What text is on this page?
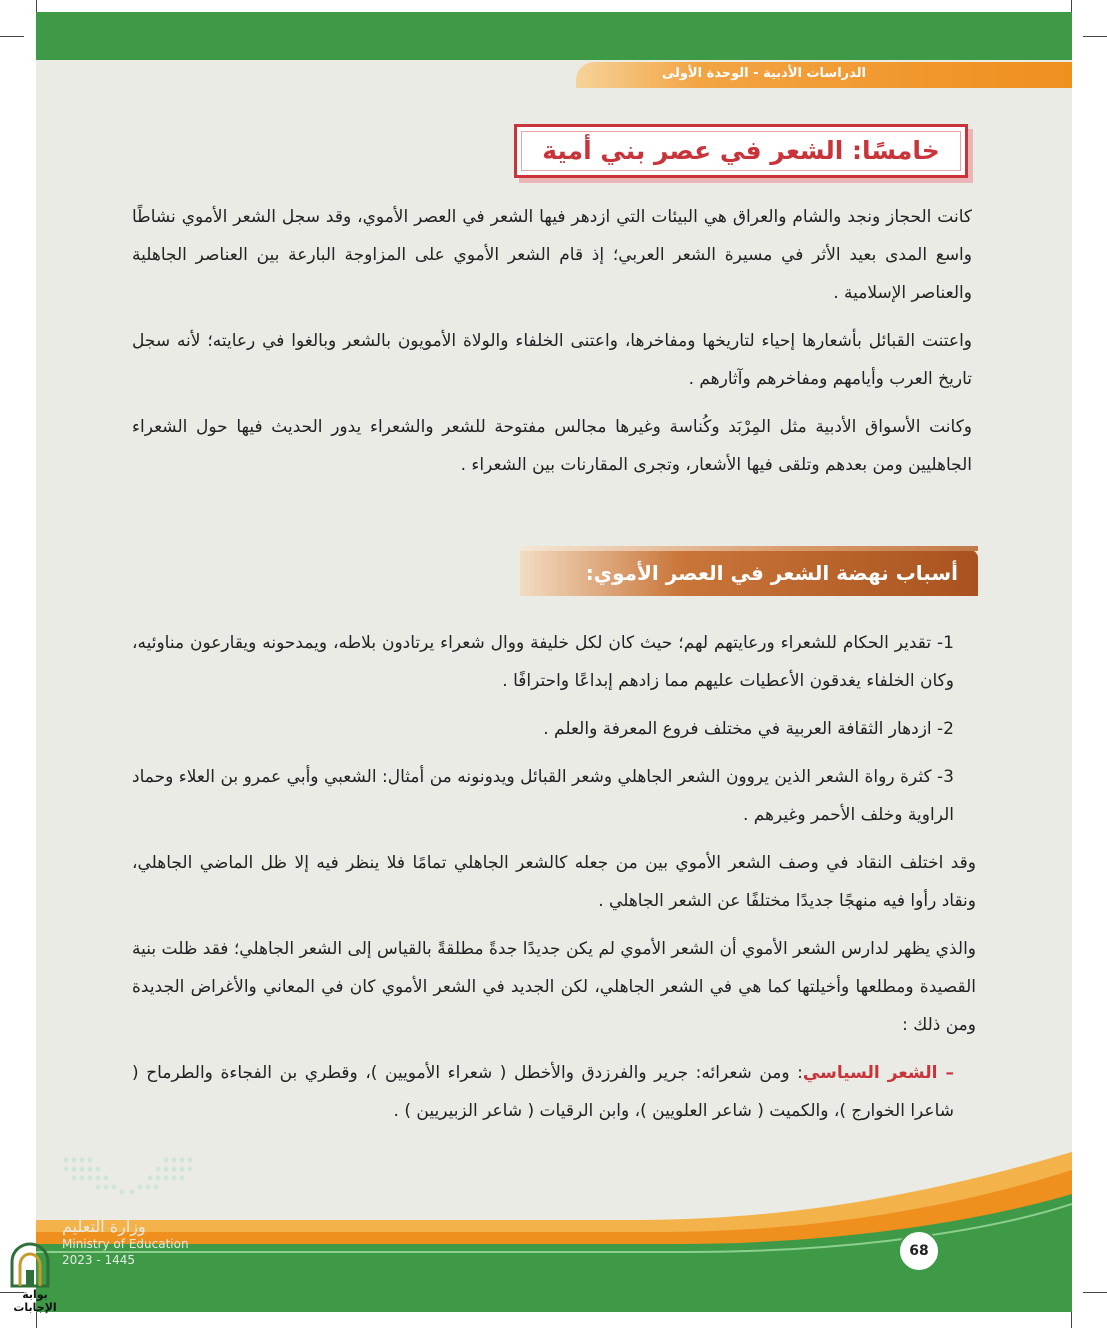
الدراسات الأدبية - الوحدة الأولى
خامسًا: الشعر في عصر بني أمية

كانت الحجاز ونجد والشام والعراق هي البيئات التي ازدهر فيها الشعر في العصر الأموي، وقد سجل الشعر الأموي نشاطًا واسع المدى بعيد الأثر في مسيرة الشعر العربي؛ إذ قام الشعر الأموي على المزاوجة البارعة بين العناصر الجاهلية والعناصر الإسلامية .

واعتنت القبائل بأشعارها إحياء لتاريخها ومفاخرها، واعتنى الخلفاء والولاة الأمويون بالشعر وبالغوا في رعايته؛ لأنه سجل تاريخ العرب وأيامهم ومفاخرهم وآثارهم .

وكانت الأسواق الأدبية مثل المِرْبَد وكُناسة وغيرها مجالس مفتوحة للشعر والشعراء يدور الحديث فيها حول الشعراء الجاهليين ومن بعدهم وتلقى فيها الأشعار، وتجرى المقارنات بين الشعراء .

أسباب نهضة الشعر في العصر الأموي:

1- تقدير الحكام للشعراء ورعايتهم لهم؛ حيث كان لكل خليفة ووال شعراء يرتادون بلاطه، ويمدحونه ويقارعون مناوئيه، وكان الخلفاء يغدقون الأعطيات عليهم مما زادهم إبداعًا واحترافًا .

2- ازدهار الثقافة العربية في مختلف فروع المعرفة والعلم .

3- كثرة رواة الشعر الذين يروون الشعر الجاهلي وشعر القبائل ويدونونه من أمثال: الشعبي وأبي عمرو بن العلاء وحماد الراوية وخلف الأحمر وغيرهم .

وقد اختلف النقاد في وصف الشعر الأموي بين من جعله كالشعر الجاهلي تمامًا فلا ينظر فيه إلا ظل الماضي الجاهلي، ونقاد رأوا فيه منهجًا جديدًا مختلفًا عن الشعر الجاهلي .

والذي يظهر لدارس الشعر الأموي أن الشعر الأموي لم يكن جديدًا جدةً مطلقةً بالقياس إلى الشعر الجاهلي؛ فقد ظلت بنية القصيدة ومطلعها وأخيلتها كما هي في الشعر الجاهلي، لكن الجديد في الشعر الأموي كان في المعاني والأغراض الجديدة ومن ذلك :

– الشعر السياسي: ومن شعرائه: جرير والفرزدق والأخطل ( شعراء الأمويين )، وقطري بن الفجاءة والطرماح ( شاعرا الخوارج )، والكميت ( شاعر العلويين )، وابن الرقيات ( شاعر الزبيريين ) .

68
وزارة التعليم
Ministry of Education
2023 - 1445
بوابة الإجابات
